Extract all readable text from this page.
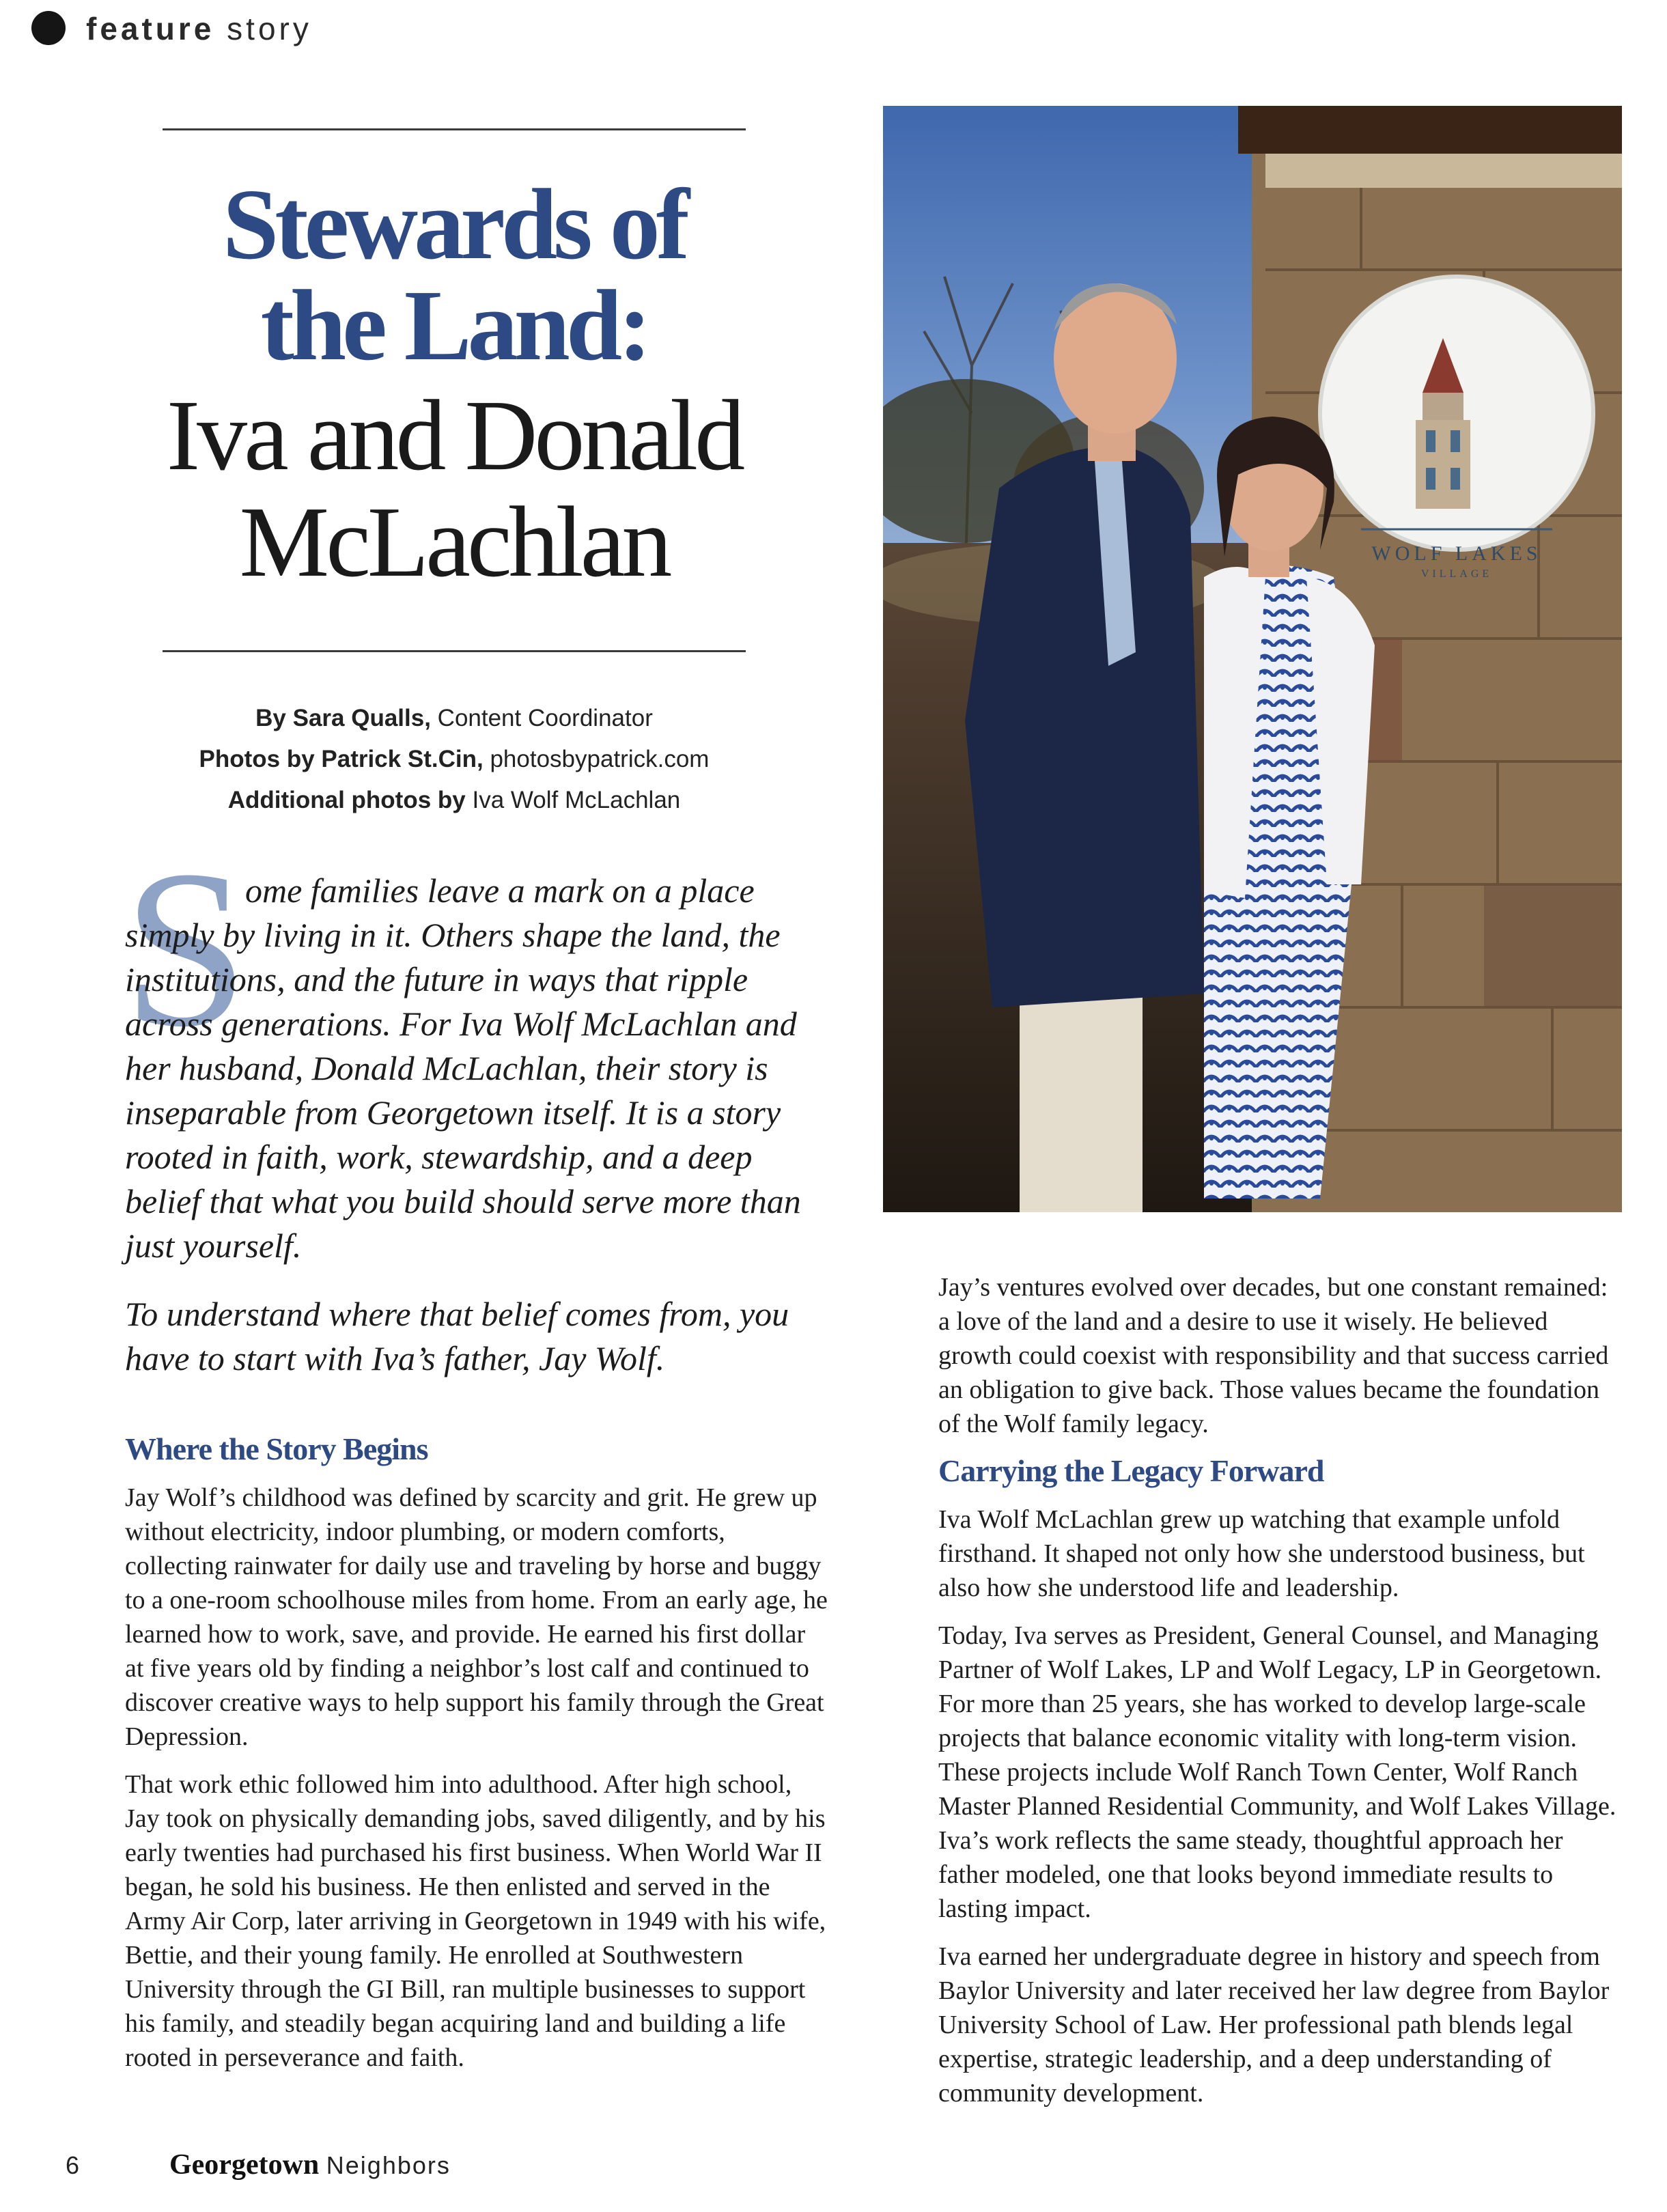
feature story
Stewards of
the Land:
Iva and Donald
McLachlan
By Sara Qualls, Content Coordinator
Photos by Patrick St.Cin, photosbypatrick.com
Additional photos by Iva Wolf McLachlan
S

ome families leave a mark on a place simply by living in it. Others shape the land, the institutions, and the future in ways that ripple across generations. For Iva Wolf McLachlan and her husband, Donald McLachlan, their story is inseparable from Georgetown itself. It is a story rooted in faith, work, stewardship, and a deep belief that what you build should serve more than just yourself.

To understand where that belief comes from, you have to start with Iva’s father, Jay Wolf.

Where the Story Begins

Jay Wolf’s childhood was defined by scarcity and grit. He grew up without electricity, indoor plumbing, or modern comforts, collecting rainwater for daily use and traveling by horse and buggy to a one-room schoolhouse miles from home. From an early age, he learned how to work, save, and provide. He earned his first dollar at five years old by finding a neighbor’s lost calf and continued to discover creative ways to help support his family through the Great Depression.

That work ethic followed him into adulthood. After high school, Jay took on physically demanding jobs, saved diligently, and by his early twenties had purchased his first business. When World War II began, he sold his business. He then enlisted and served in the Army Air Corp, later arriving in Georgetown in 1949 with his wife, Bettie, and their young family. He enrolled at Southwestern University through the GI Bill, ran multiple businesses to support his family, and steadily began acquiring land and building a life rooted in perseverance and faith.

WOLF LAKES
VILLAGE

Jay’s ventures evolved over decades, but one constant remained: a love of the land and a desire to use it wisely. He believed growth could coexist with responsibility and that success carried an obligation to give back. Those values became the foundation of the Wolf family legacy.

Carrying the Legacy Forward

Iva Wolf McLachlan grew up watching that example unfold firsthand. It shaped not only how she understood business, but also how she understood life and leadership.

Today, Iva serves as President, General Counsel, and Managing Partner of Wolf Lakes, LP and Wolf Legacy, LP in Georgetown. For more than 25 years, she has worked to develop large-scale projects that balance economic vitality with long-term vision. These projects include Wolf Ranch Town Center, Wolf Ranch Master Planned Residential Community, and Wolf Lakes Village. Iva’s work reflects the same steady, thoughtful approach her father modeled, one that looks beyond immediate results to lasting impact.

Iva earned her undergraduate degree in history and speech from Baylor University and later received her law degree from Baylor University School of Law. Her professional path blends legal expertise, strategic leadership, and a deep understanding of community development.

6	Georgetown Neighbors
